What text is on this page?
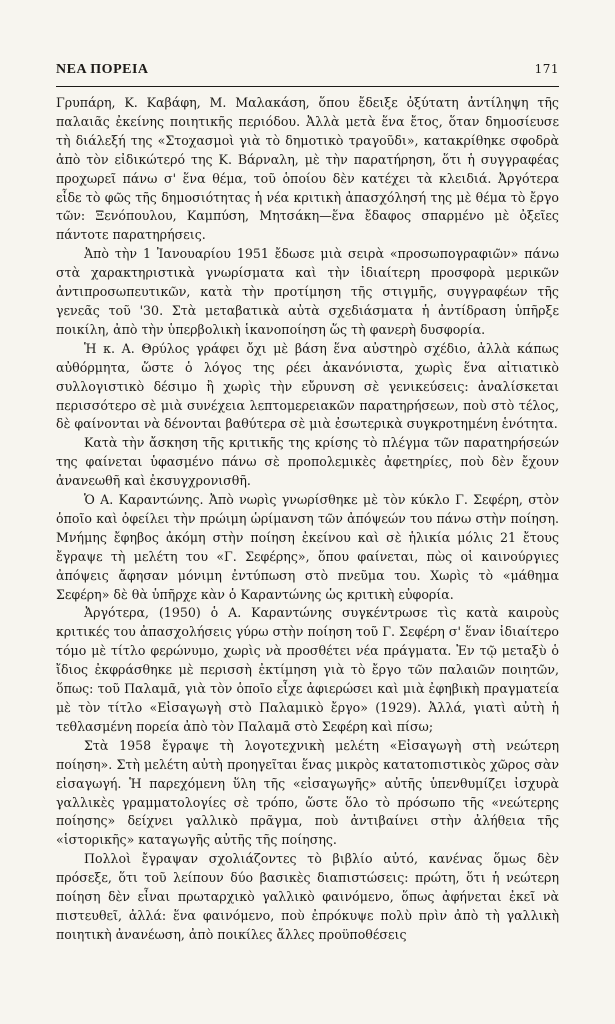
ΝΕΑ ΠΟΡΕΙΑ	171

Γρυπάρη, Κ. Καβάφη, Μ. Μαλακάση, ὅπου ἔδειξε ὀξύτατη ἀντίληψη τῆς παλαιᾶς ἐκείνης ποιητικῆς περιόδου. Ἀλλὰ μετὰ ἕνα ἔτος, ὅταν δημοσίευσε τὴ διάλεξή της «Στοχασμοὶ γιὰ τὸ δημοτικὸ τραγοῦδι», κατακρίθηκε σφοδρὰ ἀπὸ τὸν εἰδικώτερό της Κ. Βάρναλη, μὲ τὴν παρατήρηση, ὅτι ἡ συγγραφέας προχωρεῖ πάνω σ' ἕνα θέμα, τοῦ ὁποίου δὲν κατέχει τὰ κλειδιά. Ἀργότερα εἶδε τὸ φῶς τῆς δημοσιότητας ἡ νέα κριτικὴ ἀπασχόλησή της μὲ θέμα τὸ ἔργο τῶν: Ξενόπουλου, Καμπύση, Μητσάκη—ἕνα ἔδαφος σπαρμένο μὲ ὀξεῖες πάντοτε παρατηρήσεις.

Ἀπὸ τὴν 1 Ἰανουαρίου 1951 ἔδωσε μιὰ σειρὰ «προσωπογραφιῶν» πάνω στὰ χαρακτηριστικὰ γνωρίσματα καὶ τὴν ἰδιαίτερη προσφορὰ μερικῶν ἀντιπροσωπευτικῶν, κατὰ τὴν προτίμηση τῆς στιγμῆς, συγγραφέων τῆς γενεᾶς τοῦ '30. Στὰ μεταβατικὰ αὐτὰ σχεδιάσματα ἡ ἀντίδραση ὑπῆρξε ποικίλη, ἀπὸ τὴν ὑπερβολικὴ ἱκανοποίηση ὥς τὴ φανερὴ δυσφορία.

Ἡ κ. Α. Θρύλος γράφει ὄχι μὲ βάση ἕνα αὐστηρὸ σχέδιο, ἀλλὰ κάπως αὐθόρμητα, ὥστε ὁ λόγος της ρέει ἀκανόνιστα, χωρὶς ἕνα αἰτιατικὸ συλλογιστικὸ δέσιμο ἢ χωρὶς τὴν εὔρυνση σὲ γενικεύσεις: ἀναλίσκεται περισσότερο σὲ μιὰ συνέχεια λεπτομερειακῶν παρατηρήσεων, ποὺ στὸ τέλος, δὲ φαίνονται νὰ δένονται βαθύτερα σὲ μιὰ ἐσωτερικὰ συγκροτημένη ἑνότητα.

Κατὰ τὴν ἄσκηση τῆς κριτικῆς της κρίσης τὸ πλέγμα τῶν παρατηρήσεών της φαίνεται ὑφασμένο πάνω σὲ προπολεμικὲς ἀφετηρίες, ποὺ δὲν ἔχουν ἀνανεωθῆ καὶ ἐκσυγχρονισθῆ.

Ὁ Α. Καραντώνης. Ἀπὸ νωρὶς γνωρίσθηκε μὲ τὸν κύκλο Γ. Σεφέρη, στὸν ὁποῖο καὶ ὀφείλει τὴν πρώιμη ὡρίμανση τῶν ἀπόψεών του πάνω στὴν ποίηση. Μνήμης ἔφηβος ἀκόμη στὴν ποίηση ἐκείνου καὶ σὲ ἡλικία μόλις 21 ἔτους ἔγραψε τὴ μελέτη του «Γ. Σεφέρης», ὅπου φαίνεται, πὼς οἱ καινούργιες ἀπόψεις ἄφησαν μόνιμη ἐντύπωση στὸ πνεῦμα του. Χωρὶς τὸ «μάθημα Σεφέρη» δὲ θὰ ὑπῆρχε κὰν ὁ Καραντώνης ὡς κριτικὴ εὐφορία.

Ἀργότερα, (1950) ὁ Α. Καραντώνης συγκέντρωσε τὶς κατὰ καιροὺς κριτικές του ἀπασχολήσεις γύρω στὴν ποίηση τοῦ Γ. Σεφέρη σ' ἕναν ἰδιαίτερο τόμο μὲ τίτλο φερώνυμο, χωρὶς νὰ προσθέτει νέα πράγματα. Ἐν τῷ μεταξὺ ὁ ἴδιος ἐκφράσθηκε μὲ περισσὴ ἐκτίμηση γιὰ τὸ ἔργο τῶν παλαιῶν ποιητῶν, ὅπως: τοῦ Παλαμᾶ, γιὰ τὸν ὁποῖο εἶχε ἀφιερώσει καὶ μιὰ ἐφηβικὴ πραγματεία μὲ τὸν τίτλο «Εἰσαγωγὴ στὸ Παλαμικὸ ἔργο» (1929). Ἀλλά, γιατὶ αὐτὴ ἡ τεθλασμένη πορεία ἀπὸ τὸν Παλαμᾶ στὸ Σεφέρη καὶ πίσω;

Στὰ 1958 ἔγραψε τὴ λογοτεχνικὴ μελέτη «Εἰσαγωγὴ στὴ νεώτερη ποίηση». Στὴ μελέτη αὐτὴ προηγεῖται ἕνας μικρὸς κατατοπιστικὸς χῶρος σὰν εἰσαγωγή. Ἡ παρεχόμενη ὕλη τῆς «εἰσαγωγῆς» αὐτῆς ὑπενθυμίζει ἰσχυρὰ γαλλικὲς γραμματολογίες σὲ τρόπο, ὥστε ὅλο τὸ πρόσωπο τῆς «νεώτερης ποίησης» δείχνει γαλλικὸ πρᾶγμα, ποὺ ἀντιβαίνει στὴν ἀλήθεια τῆς «ἱστορικῆς» καταγωγῆς αὐτῆς τῆς ποίησης.

Πολλοὶ ἔγραψαν σχολιάζοντες τὸ βιβλίο αὐτό, κανένας ὅμως δὲν πρόσεξε, ὅτι τοῦ λείπουν δύο βασικὲς διαπιστώσεις: πρώτη, ὅτι ἡ νεώτερη ποίηση δὲν εἶναι πρωταρχικὸ γαλλικὸ φαινόμενο, ὅπως ἀφήνεται ἐκεῖ νὰ πιστευθεῖ, ἀλλά: ἕνα φαινόμενο, ποὺ ἐπρόκυψε πολὺ πρὶν ἀπὸ τὴ γαλλικὴ ποιητικὴ ἀνανέωση, ἀπὸ ποικίλες ἄλλες προϋποθέσεις
